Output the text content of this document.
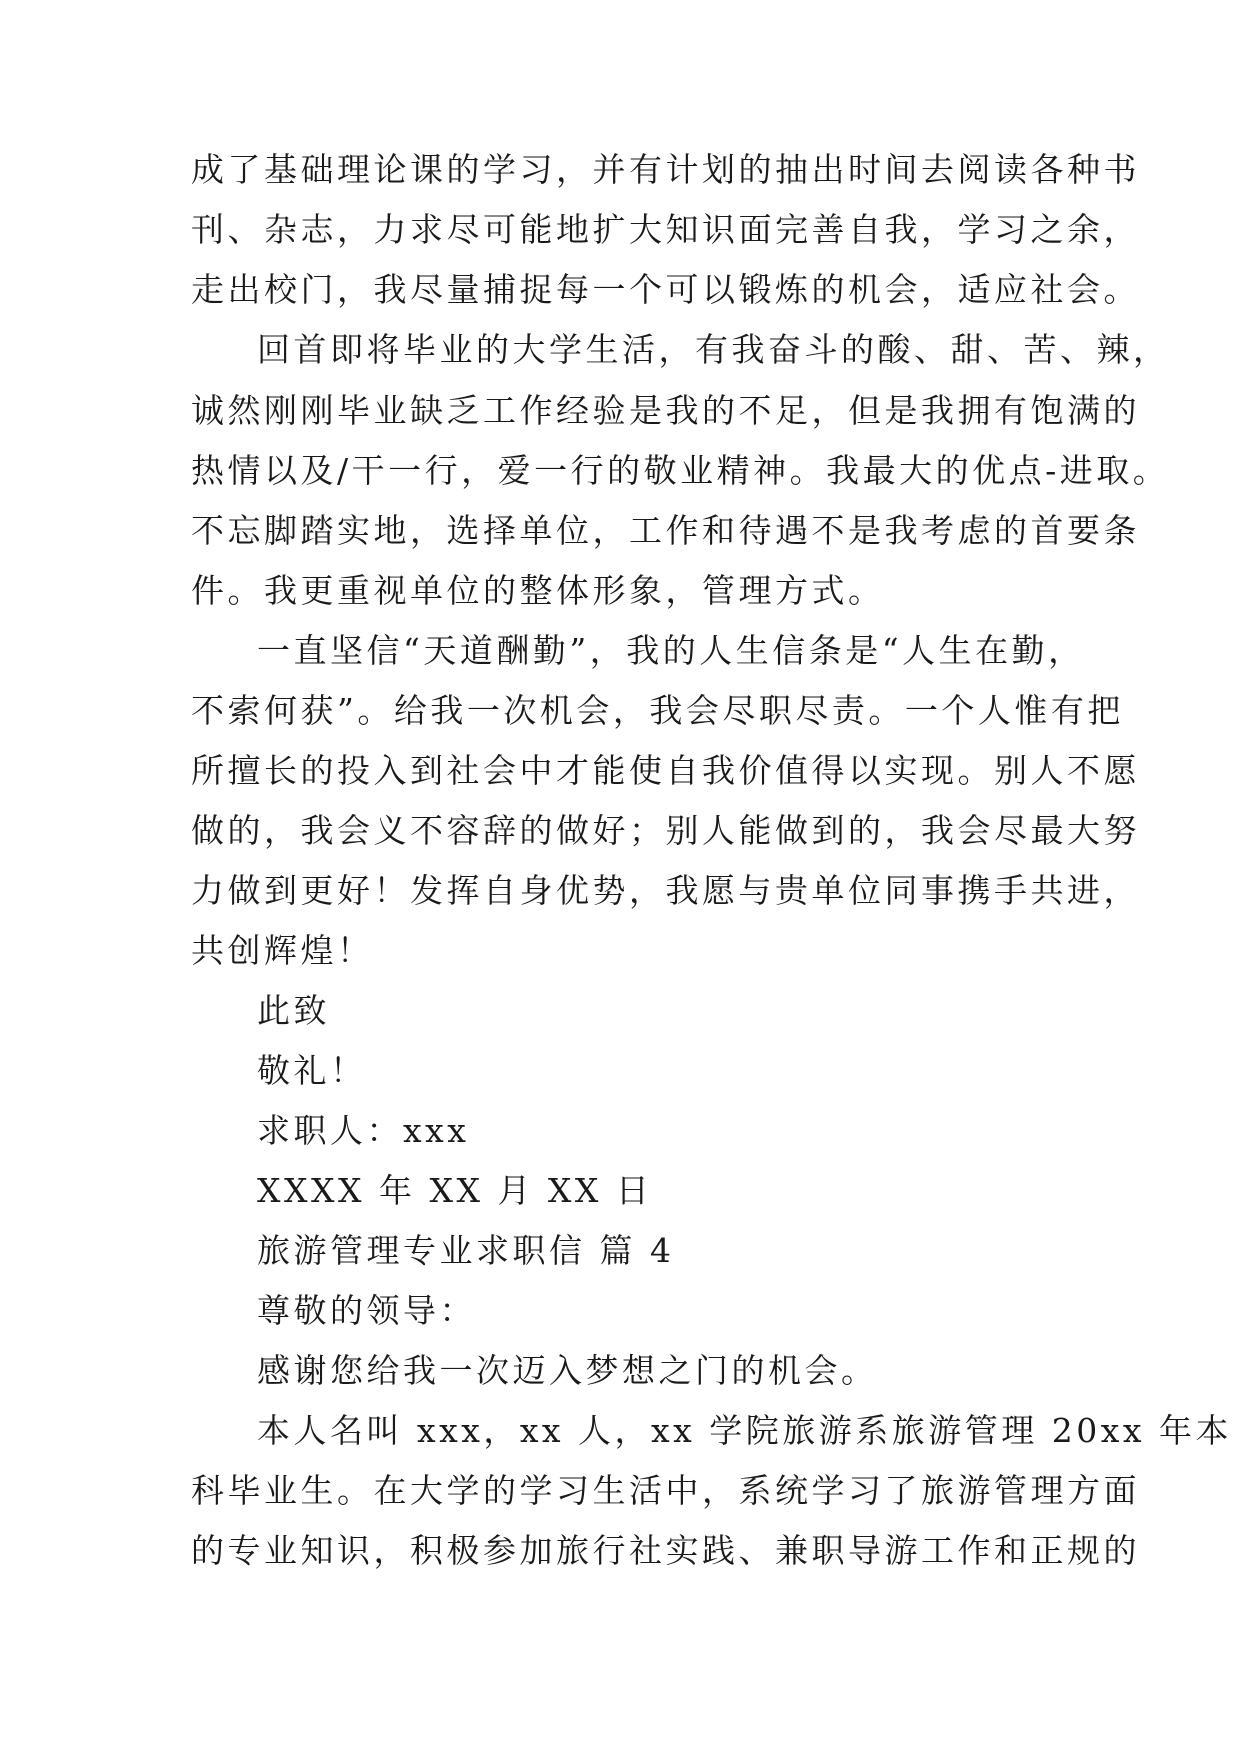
成了基础理论课的学习，并有计划的抽出时间去阅读各种书
刊、杂志，力求尽可能地扩大知识面完善自我，学习之余，
走出校门，我尽量捕捉每一个可以锻炼的机会，适应社会。
回首即将毕业的大学生活，有我奋斗的酸、甜、苦、辣，
诚然刚刚毕业缺乏工作经验是我的不足，但是我拥有饱满的
热情以及/干一行，爱一行的敬业精神。我最大的优点-进取。
不忘脚踏实地，选择单位，工作和待遇不是我考虑的首要条
件。我更重视单位的整体形象，管理方式。
一直坚信“天道酬勤”，我的人生信条是“人生在勤，
不索何获”。给我一次机会，我会尽职尽责。一个人惟有把
所擅长的投入到社会中才能使自我价值得以实现。别人不愿
做的，我会义不容辞的做好；别人能做到的，我会尽最大努
力做到更好！发挥自身优势，我愿与贵单位同事携手共进，
共创辉煌！
此致
敬礼！
求职人：xxx
XXXX 年 XX 月 XX 日
旅游管理专业求职信 篇 4
尊敬的领导：
感谢您给我一次迈入梦想之门的机会。
本人名叫 xxx，xx 人，xx 学院旅游系旅游管理 20xx 年本
科毕业生。在大学的学习生活中，系统学习了旅游管理方面
的专业知识，积极参加旅行社实践、兼职导游工作和正规的
